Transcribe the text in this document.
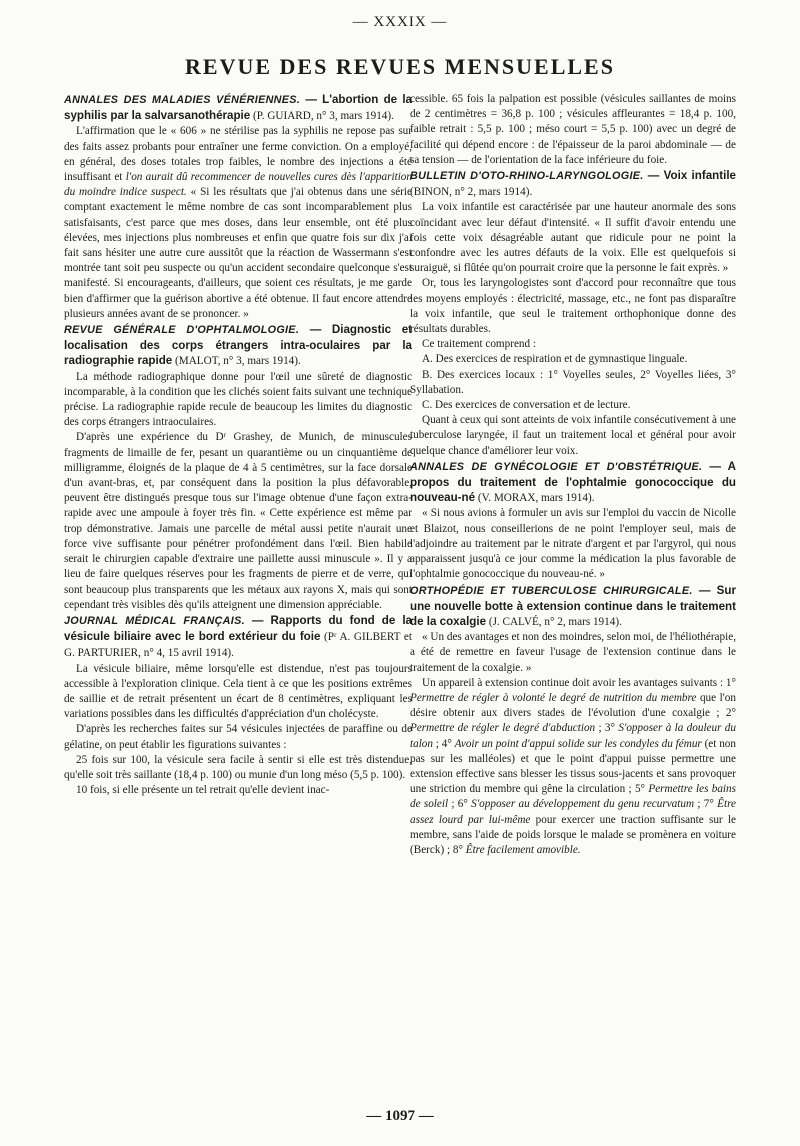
— XXXIX —
REVUE DES REVUES MENSUELLES
ANNALES DES MALADIES VÉNÉRIENNES. — L'abortion de la syphilis par la salvarsanothérapie (P. GUIARD, n° 3, mars 1914).

L'affirmation que le « 606 » ne stérilise pas la syphilis ne repose pas sur des faits assez probants pour entraîner une ferme conviction. On a employé, en général, des doses totales trop faibles, le nombre des injections a été insuffisant et l'on aurait dû recommencer de nouvelles cures dès l'apparition du moindre indice suspect. « Si les résultats que j'ai obtenus dans une série comptant exactement le même nombre de cas sont incomparablement plus satisfaisants, c'est parce que mes doses, dans leur ensemble, ont été plus élevées, mes injections plus nombreuses et enfin que quatre fois sur dix j'ai fait sans hésiter une autre cure aussitôt que la réaction de Wassermann s'est montrée tant soit peu suspecte ou qu'un accident secondaire quelconque s'est manifesté. Si encourageants, d'ailleurs, que soient ces résultats, je me garde bien d'affirmer que la guérison abortive a été obtenue. Il faut encore attendre plusieurs années avant de se prononcer. »

REVUE GÉNÉRALE D'OPHTALMOLOGIE. — Diagnostic et localisation des corps étrangers intra-oculaires par la radiographie rapide (MALOT, n° 3, mars 1914).

La méthode radiographique donne pour l'œil une sûreté de diagnostic incomparable, à la condition que les clichés soient faits suivant une technique précise. La radiographie rapide recule de beaucoup les limites du diagnostic des corps étrangers intraoculaires.

D'après une expérience du Dʳ Grashey, de Munich, de minuscules fragments de limaille de fer, pesant un quarantième ou un cinquantième de milligramme, éloignés de la plaque de 4 à 5 centimètres, sur la face dorsale d'un avant-bras, et, par conséquent dans la position la plus défavorable, peuvent être distingués presque tous sur l'image obtenue d'une façon extra-rapide avec une ampoule à foyer très fin. « Cette expérience est même par trop démonstrative. Jamais une parcelle de métal aussi petite n'aurait une force vive suffisante pour pénétrer profondément dans l'œil. Bien habile serait le chirurgien capable d'extraire une paillette aussi minuscule ». Il y a lieu de faire quelques réserves pour les fragments de pierre et de verre, qui sont beaucoup plus transparents que les métaux aux rayons X, mais qui sont cependant très visibles dès qu'ils atteignent une dimension appréciable.

JOURNAL MÉDICAL FRANÇAIS. — Rapports du fond de la vésicule biliaire avec le bord extérieur du foie (Pʳ A. GILBERT et G. PARTURIER, n° 4, 15 avril 1914).

La vésicule biliaire, même lorsqu'elle est distendue, n'est pas toujours accessible à l'exploration clinique. Cela tient à ce que les positions extrêmes de saillie et de retrait présentent un écart de 8 centimètres, expliquant les variations possibles dans les difficultés d'appréciation d'un cholécyste.

D'après les recherches faites sur 54 vésicules injectées de paraffine ou de gélatine, on peut établir les figurations suivantes :

25 fois sur 100, la vésicule sera facile à sentir si elle est très distendue, qu'elle soit très saillante (18,4 p. 100) ou munie d'un long méso (5,5 p. 100).

10 fois, si elle présente un tel retrait qu'elle devient inac-

cessible. 65 fois la palpation est possible (vésicules saillantes de moins de 2 centimètres = 36,8 p. 100 ; vésicules affleurantes = 18,4 p. 100, faible retrait : 5,5 p. 100 ; méso court = 5,5 p. 100) avec un degré de facilité qui dépend encore : de l'épaisseur de la paroi abdominale — de sa tension — de l'orientation de la face inférieure du foie.

BULLETIN D'OTO-RHINO-LARYNGOLOGIE. — Voix infantile (BINON, n° 2, mars 1914).

La voix infantile est caractérisée par une hauteur anormale des sons coïncidant avec leur défaut d'intensité. « Il suffit d'avoir entendu une fois cette voix désagréable autant que ridicule pour ne point la confondre avec les autres défauts de la voix. Elle est quelquefois si suraiguë, si flûtée qu'on pourrait croire que la personne le fait exprès. »

Or, tous les laryngologistes sont d'accord pour reconnaître que tous les moyens employés : électricité, massage, etc., ne font pas disparaître la voix infantile, que seul le traitement orthophonique donne des résultats durables.

Ce traitement comprend :

A. Des exercices de respiration et de gymnastique linguale.

B. Des exercices locaux : 1° Voyelles seules, 2° Voyelles liées, 3° Syllabation.

C. Des exercices de conversation et de lecture.

Quant à ceux qui sont atteints de voix infantile consécutivement à une tuberculose laryngée, il faut un traitement local et général pour avoir quelque chance d'améliorer leur voix.

ANNALES DE GYNÉCOLOGIE ET D'OBSTÉTRIQUE. — A propos du traitement de l'ophtalmie gonococcique du nouveau-né (V. MORAX, mars 1914).

« Si nous avions à formuler un avis sur l'emploi du vaccin de Nicolle et Blaizot, nous conseillerions de ne point l'employer seul, mais de l'adjoindre au traitement par le nitrate d'argent et par l'argyrol, qui nous apparaissent jusqu'à ce jour comme la médication la plus favorable de l'ophtalmie gonococcique du nouveau-né. »

ORTHOPÉDIE ET TUBERCULOSE CHIRURGICALE. — Sur une nouvelle botte à extension continue dans le traitement de la coxalgie (J. CALVÉ, n° 2, mars 1914).

« Un des avantages et non des moindres, selon moi, de l'héliothérapie, a été de remettre en faveur l'usage de l'extension continue dans le traitement de la coxalgie. »

Un appareil à extension continue doit avoir les avantages suivants : 1° Permettre de régler à volonté le degré de nutrition du membre que l'on désire obtenir aux divers stades de l'évolution d'une coxalgie ; 2° Permettre de régler le degré d'abduction ; 3° S'opposer à la douleur du talon ; 4° Avoir un point d'appui solide sur les condyles du fémur (et non pas sur les malléoles) et que le point d'appui puisse permettre une extension effective sans blesser les tissus sous-jacents et sans provoquer une striction du membre qui gêne la circulation ; 5° Permettre les bains de soleil ; 6° S'opposer au développement du genu recurvatum ; 7° Être assez lourd par lui-même pour exercer une traction suffisante sur le membre, sans l'aide de poids lorsque le malade se promènera en voiture (Berck) ; 8° Être facilement amovible.

— 1097 —
